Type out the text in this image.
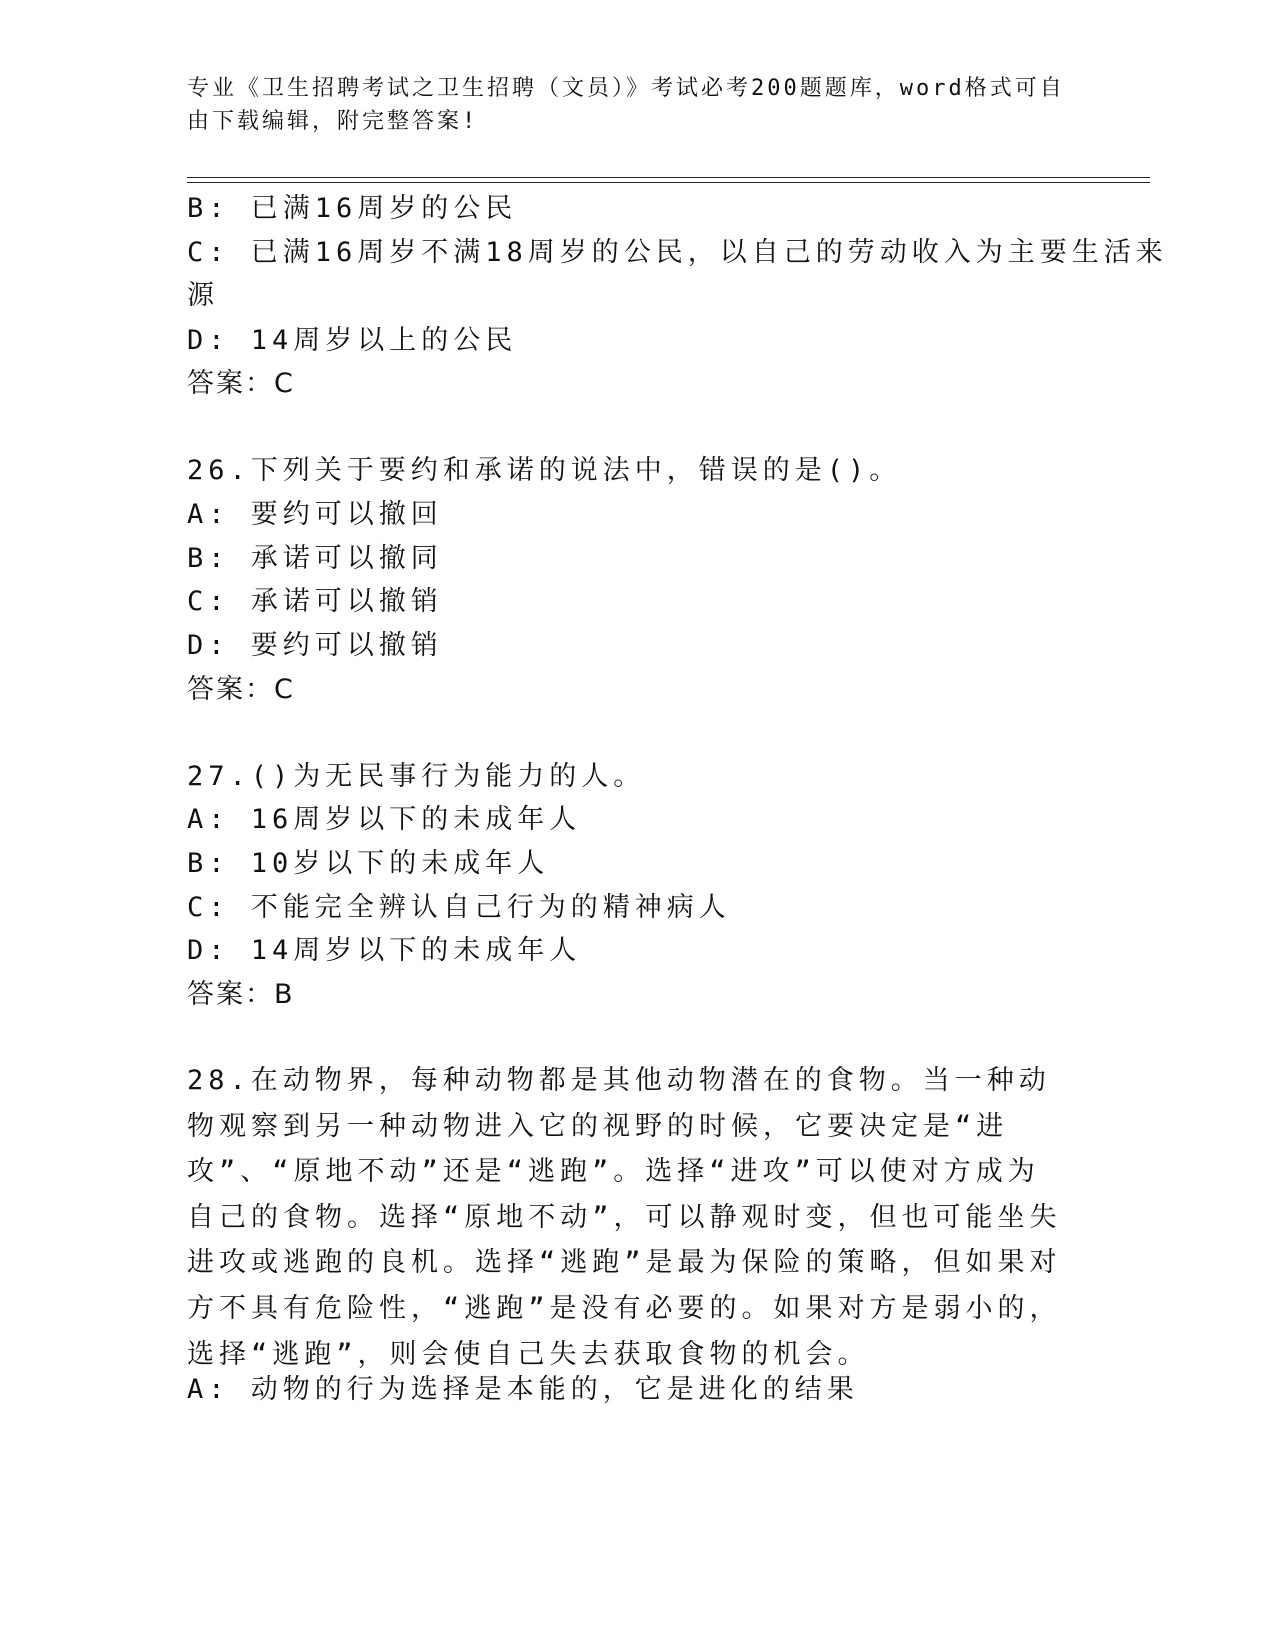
专业《卫生招聘考试之卫生招聘（文员）》考试必考200题题库，word格式可自由下载编辑，附完整答案!
B: 已满16周岁的公民
C: 已满16周岁不满18周岁的公民，以自己的劳动收入为主要生活来
源
D: 14周岁以上的公民
答案：C
26.下列关于要约和承诺的说法中，错误的是()。
A: 要约可以撤回
B: 承诺可以撤同
C: 承诺可以撤销
D: 要约可以撤销
答案：C
27.()为无民事行为能力的人。
A: 16周岁以下的未成年人
B: 10岁以下的未成年人
C: 不能完全辨认自己行为的精神病人
D: 14周岁以下的未成年人
答案：B
28.在动物界，每种动物都是其他动物潜在的食物。当一种动物观察到另一种动物进入它的视野的时候，它要决定是“进攻”、“原地不动”还是“逃跑”。选择“进攻”可以使对方成为自己的食物。选择“原地不动”，可以静观时变，但也可能坐失进攻或逃跑的良机。选择“逃跑”是最为保险的策略，但如果对方不具有危险性，“逃跑”是没有必要的。如果对方是弱小的，选择“逃跑”，则会使自己失去获取食物的机会。
A: 动物的行为选择是本能的，它是进化的结果
